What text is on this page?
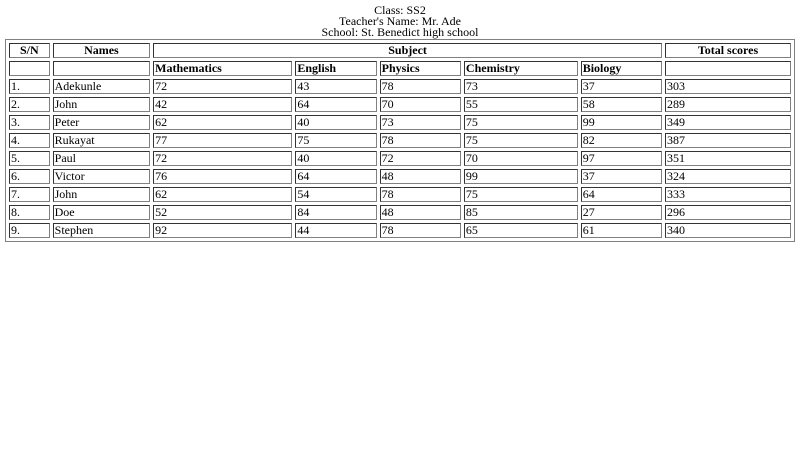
Class: SS2
Teacher's Name: Mr. Ade
School: St. Benedict high school
S/N	Names	Subject					Total scores
		Mathematics	English	Physics	Chemistry	Biology	
1.	Adekunle	72	43	78	73	37	303
2.	John	42	64	70	55	58	289
3.	Peter	62	40	73	75	99	349
4.	Rukayat	77	75	78	75	82	387
5.	Paul	72	40	72	70	97	351
6.	Victor	76	64	48	99	37	324
7.	John	62	54	78	75	64	333
8.	Doe	52	84	48	85	27	296
9.	Stephen	92	44	78	65	61	340
